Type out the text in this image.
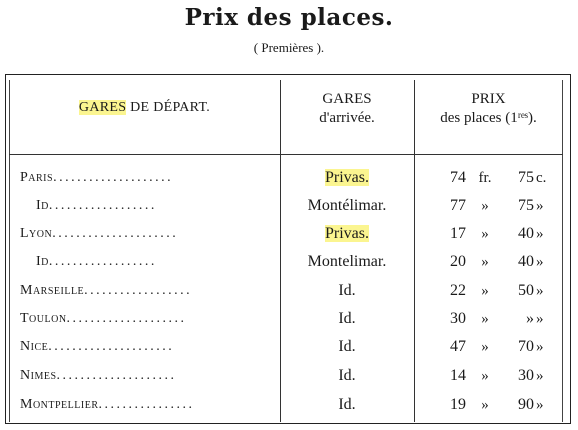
Prix des places.
( Premières ).
GARES DE DÉPART.
GARES
d'arrivée.
PRIX
des places (1ʳᵉˢ).
Paris....................	Privas.	74 fr.	75 c.
Id..................	Montélimar.	77	»	75 »
Lyon.....................	Privas.	17	»	40 »
Id..................	Montelimar.	20	»	40 »
Marseille..................	Id.	22	»	50 »
Toulon....................	Id.	30	»	» »
Nice.....................	Id.	47	»	70 »
Nimes....................	Id.	14	»	30 »
Montpellier................	Id.	19	»	90 »
